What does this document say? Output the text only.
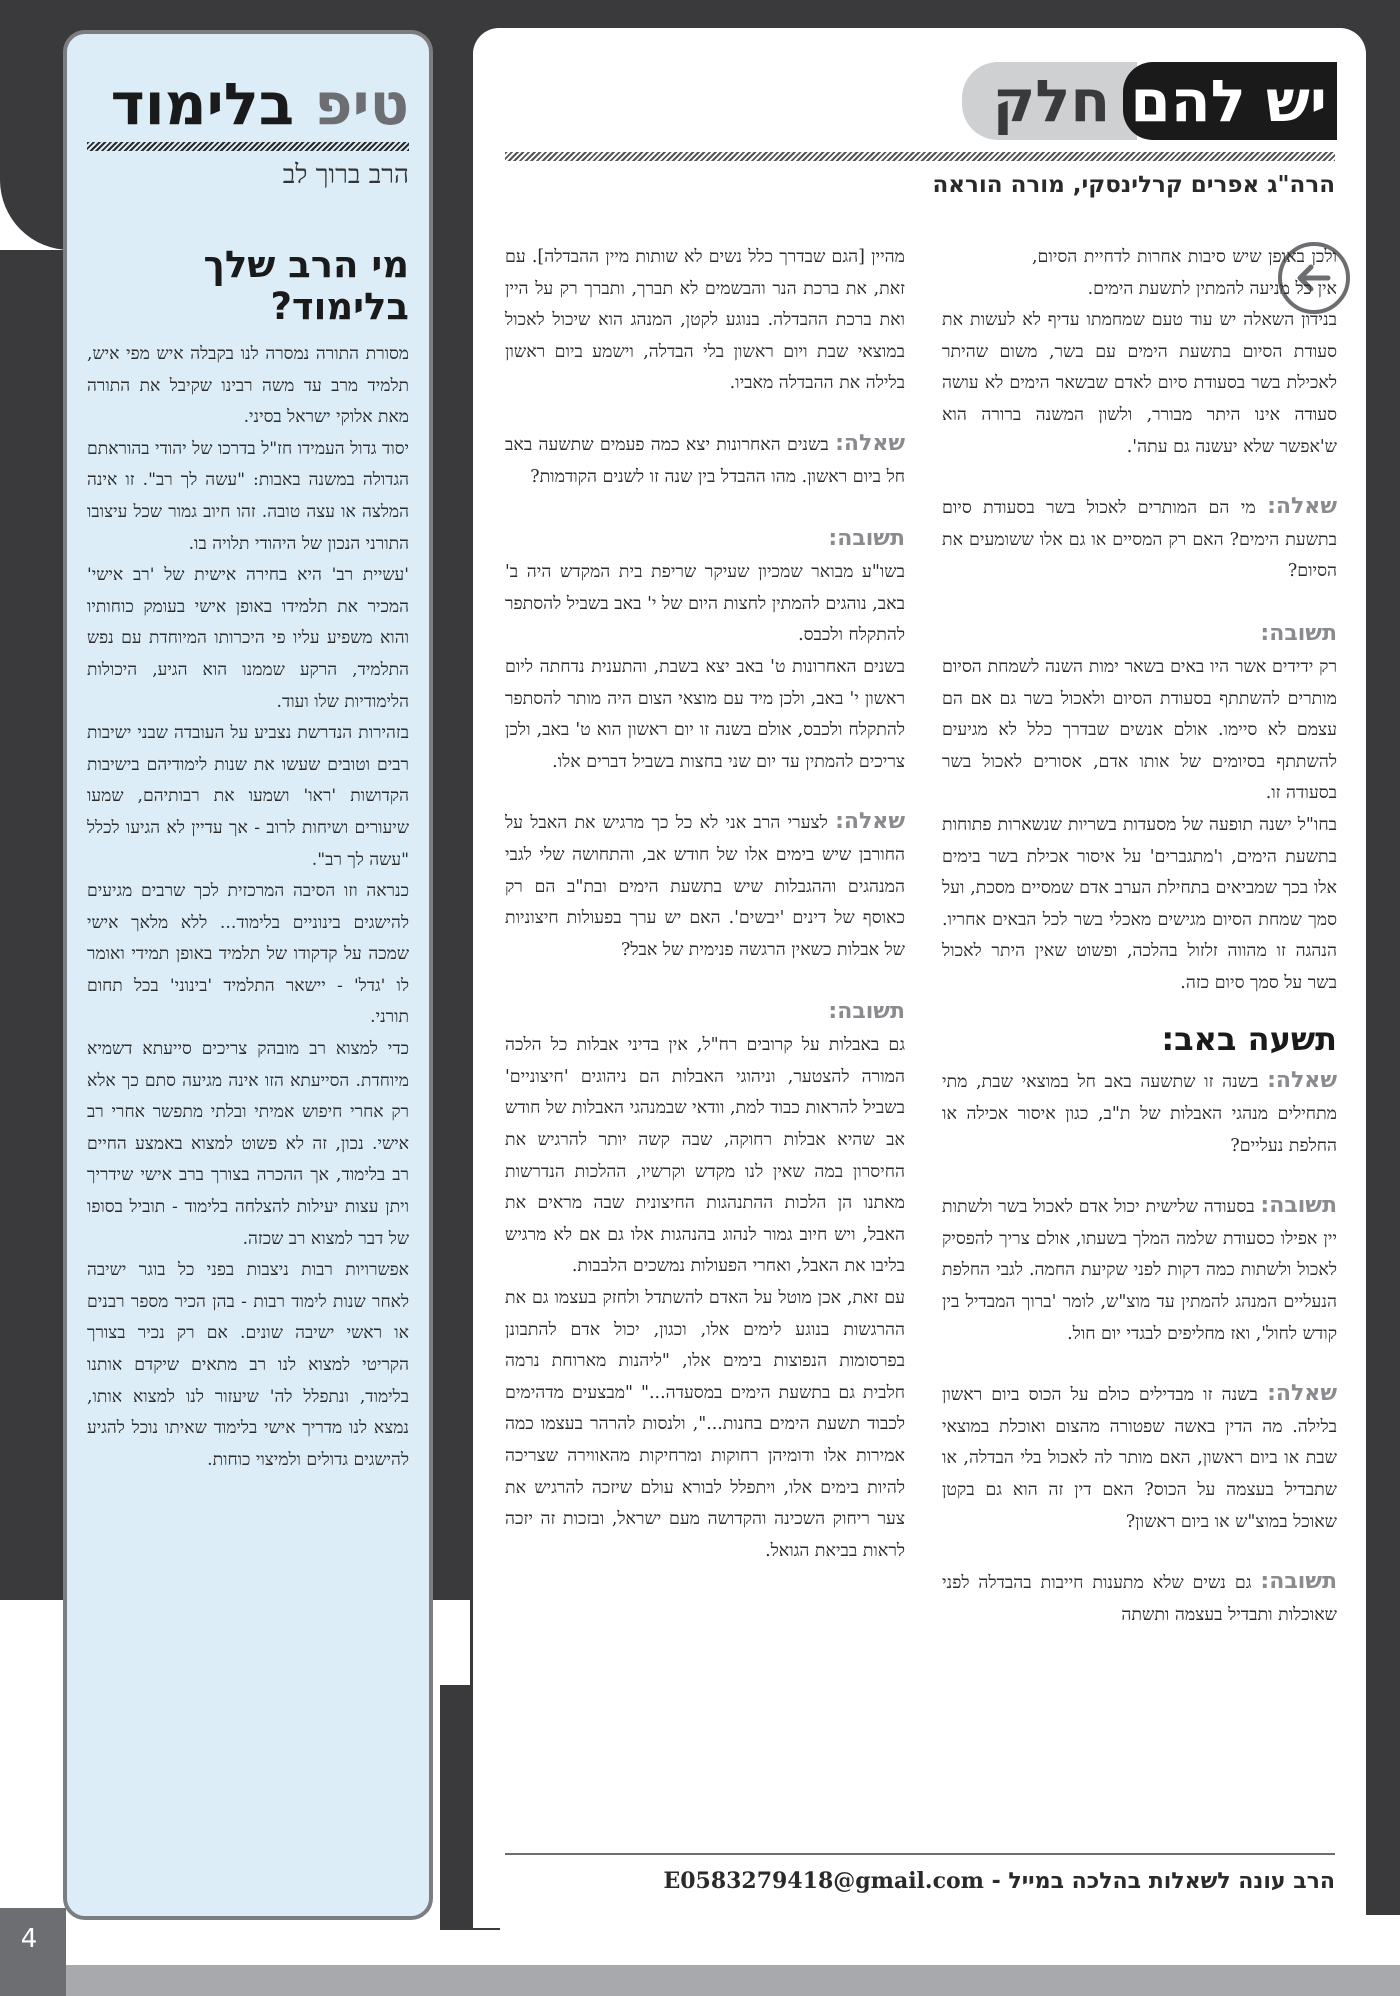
טיפ בלימוד
הרב ברוך לב
מי הרב שלך בלימוד?

מסורת התורה נמסרה לנו בקבלה איש מפי איש, תלמיד מרב עד משה רבינו שקיבל את התורה מאת אלוקי ישראל בסיני.

יסוד גדול העמידו חז"ל בדרכו של יהודי בהוראתם הגדולה במשנה באבות: "עשה לך רב". זו אינה המלצה או עצה טובה. זהו חיוב גמור שכל עיצובו התורני הנכון של היהודי תלויה בו.

'עשיית רב' היא בחירה אישית של 'רב אישי' המכיר את תלמידו באופן אישי בעומק כוחותיו והוא משפיע עליו פי היכרותו המיוחדת עם נפש התלמיד, הרקע שממנו הוא הגיע, היכולות הלימודיות שלו ועוד.

בזהירות הנדרשת נצביע על העובדה שבני ישיבות רבים וטובים שעשו את שנות לימודיהם בישיבות הקדושות 'ראו' ושמעו את רבותיהם, שמעו שיעורים ושיחות לרוב - אך עדיין לא הגיעו לכלל "עשה לך רב".

כנראה וזו הסיבה המרכזית לכך שרבים מגיעים להישגים בינוניים בלימוד... ללא מלאך אישי שמכה על קדקודו של תלמיד באופן תמידי ואומר לו 'גדל' - יישאר התלמיד 'בינוני' בכל תחום תורני.

כדי למצוא רב מובהק צריכים סייעתא דשמיא מיוחדת. הסייעתא הזו אינה מגיעה סתם כך אלא רק אחרי חיפוש אמיתי ובלתי מתפשר אחרי רב אישי. נכון, זה לא פשוט למצוא באמצע החיים רב בלימוד, אך ההכרה בצורך ברב אישי שידריך ויתן עצות יעילות להצלחה בלימוד - תוביל בסופו של דבר למצוא רב שכזה.

אפשרויות רבות ניצבות בפני כל בוגר ישיבה לאחר שנות לימוד רבות - בהן הכיר מספר רבנים או ראשי ישיבה שונים. אם רק נכיר בצורך הקריטי למצוא לנו רב מתאים שיקדם אותנו בלימוד, ונתפלל לה' שיעזור לנו למצוא אותו, נמצא לנו מדריך אישי בלימוד שאיתו נוכל להגיע להישגים גדולים ולמיצוי כוחות.

4
יש להם חלק
הרה"ג אפרים קרלינסקי, מורה הוראה

ולכן באופן שיש סיבות אחרות לדחיית הסיום, אין כל מניעה להמתין לתשעת הימים.

בנידון השאלה יש עוד טעם שמחמתו עדיף לא לעשות את סעודת הסיום בתשעת הימים עם בשר, משום שהיתר לאכילת בשר בסעודת סיום לאדם שבשאר הימים לא עושה סעודה אינו היתר מבורר, ולשון המשנה ברורה הוא ש'אפשר שלא יעשנה גם עתה'.

שאלה: מי הם המותרים לאכול בשר בסעודת סיום בתשעת הימים? האם רק המסיים או גם אלו ששומעים את הסיום?

תשובה:

רק ידידים אשר היו באים בשאר ימות השנה לשמחת הסיום מותרים להשתתף בסעודת הסיום ולאכול בשר גם אם הם עצמם לא סיימו. אולם אנשים שבדרך כלל לא מגיעים להשתתף בסיומים של אותו אדם, אסורים לאכול בשר בסעודה זו.

בחו"ל ישנה תופעה של מסעדות בשריות שנשארות פתוחות בתשעת הימים, ו'מתגברים' על איסור אכילת בשר בימים אלו בכך שמביאים בתחילת הערב אדם שמסיים מסכת, ועל סמך שמחת הסיום מגישים מאכלי בשר לכל הבאים אחריו. הנהגה זו מהווה זלזול בהלכה, ופשוט שאין היתר לאכול בשר על סמך סיום כזה.

תשעה באב:

שאלה: בשנה זו שתשעה באב חל במוצאי שבת, מתי מתחילים מנהגי האבלות של ת"ב, כגון איסור אכילה או החלפת נעליים?

תשובה: בסעודה שלישית יכול אדם לאכול בשר ולשתות יין אפילו כסעודת שלמה המלך בשעתו, אולם צריך להפסיק לאכול ולשתות כמה דקות לפני שקיעת החמה. לגבי החלפת הנעליים המנהג להמתין עד מוצ"ש, לומר 'ברוך המבדיל בין קודש לחול', ואז מחליפים לבגדי יום חול.

שאלה: בשנה זו מבדילים כולם על הכוס ביום ראשון בלילה. מה הדין באשה שפטורה מהצום ואוכלת במוצאי שבת או ביום ראשון, האם מותר לה לאכול בלי הבדלה, או שתבדיל בעצמה על הכוס? האם דין זה הוא גם בקטן שאוכל במוצ"ש או ביום ראשון?

תשובה: גם נשים שלא מתענות חייבות בהבדלה לפני שאוכלות ותבדיל בעצמה ותשתה

מהיין [הגם שבדרך כלל נשים לא שותות מיין ההבדלה]. עם זאת, את ברכת הנר והבשמים לא תברך, ותברך רק על היין ואת ברכת ההבדלה. בנוגע לקטן, המנהג הוא שיכול לאכול במוצאי שבת ויום ראשון בלי הבדלה, וישמע ביום ראשון בלילה את ההבדלה מאביו.

שאלה: בשנים האחרונות יצא כמה פעמים שתשעה באב חל ביום ראשון. מהו ההבדל בין שנה זו לשנים הקודמות?

תשובה:

בשו"ע מבואר שמכיון שעיקר שריפת בית המקדש היה ב' באב, נוהגים להמתין לחצות היום של י' באב בשביל להסתפר להתקלח ולכבס.

בשנים האחרונות ט' באב יצא בשבת, והתענית נדחתה ליום ראשון י' באב, ולכן מיד עם מוצאי הצום היה מותר להסתפר להתקלח ולכבס, אולם בשנה זו יום ראשון הוא ט' באב, ולכן צריכים להמתין עד יום שני בחצות בשביל דברים אלו.

שאלה: לצערי הרב אני לא כל כך מרגיש את האבל על החורבן שיש בימים אלו של חודש אב, והתחושה שלי לגבי המנהגים וההגבלות שיש בתשעת הימים ובת"ב הם רק כאוסף של דינים 'יבשים'. האם יש ערך בפעולות חיצוניות של אבלות כשאין הרגשה פנימית של אבל?

תשובה:

גם באבלות על קרובים רח"ל, אין בדיני אבלות כל הלכה המורה להצטער, וניהוגי האבלות הם ניהוגים 'חיצוניים' בשביל להראות כבוד למת, וודאי שבמנהגי האבלות של חודש אב שהיא אבלות רחוקה, שבה קשה יותר להרגיש את החיסרון במה שאין לנו מקדש וקרשיו, ההלכות הנדרשות מאתנו הן הלכות ההתנהגות החיצונית שבה מראים את האבל, ויש חיוב גמור לנהוג בהנהגות אלו גם אם לא מרגיש בליבו את האבל, ואחרי הפעולות נמשכים הלבבות.

עם זאת, אכן מוטל על האדם להשתדל ולחזק בעצמו גם את ההרגשות בנוגע לימים אלו, וכגון, יכול אדם להתבונן בפרסומות הנפוצות בימים אלו, "ליהנות מארוחת נרמה חלבית גם בתשעת הימים במסעדה..." "מבצעים מדהימים לכבוד תשעת הימים בחנות...", ולנסות להרהר בעצמו כמה אמירות אלו ודומיהן רחוקות ומרחיקות מהאווירה שצריכה להיות בימים אלו, ויתפלל לבורא עולם שיזכה להרגיש את צער ריחוק השכינה והקדושה מעם ישראל, ובזכות זה יזכה לראות בביאת הגואל.

הרב עונה לשאלות בהלכה במייל - E0583279418@gmail.com
